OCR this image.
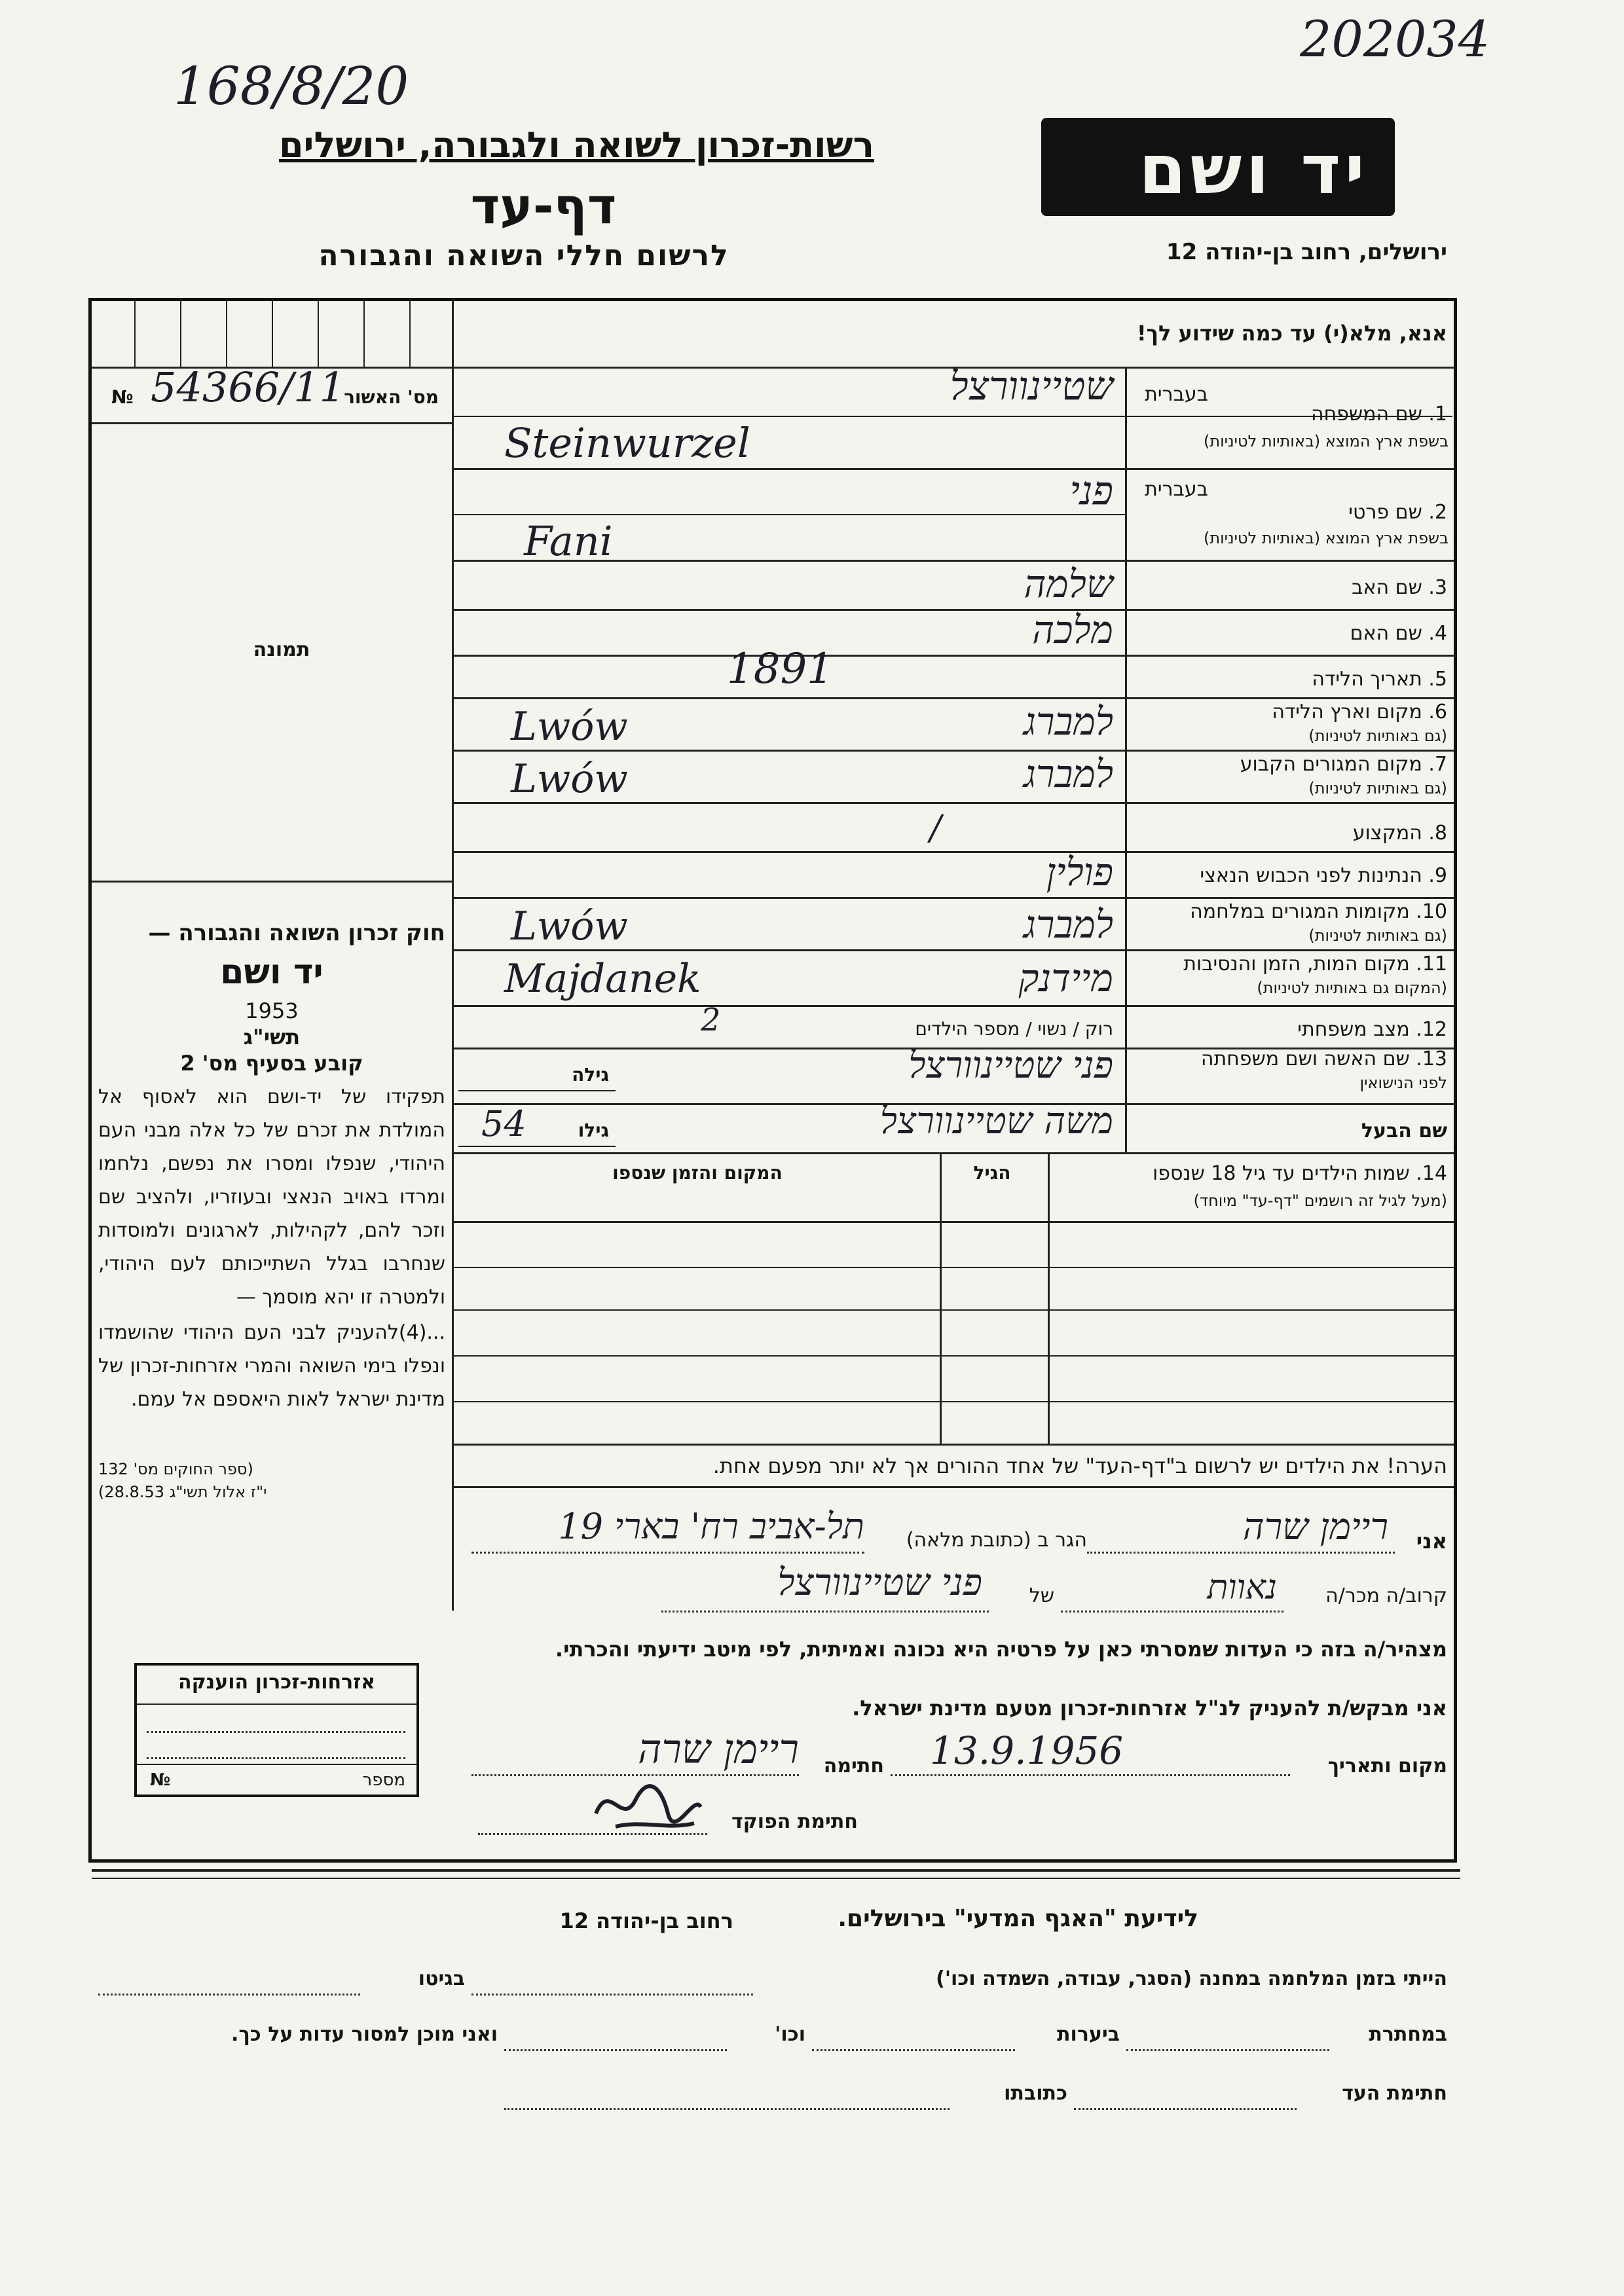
202034
168/8/20
רשות-זכרון לשואה ולגבורה, ירושלים
דף-עד
לרשום חללי השואה והגבורה
יד ושם
ירושלים, רחוב בן-יהודה 12
№ 54366/11
מס' האשור
תמונה
חוק זכרון השואה והגבורה —
יד ושם
1953
תשי"ג
קובע בסעיף מס' 2
תפקידו של יד-ושם הוא לאסוף אל המולדת את זכרם של כל אלה מבני העם היהודי, שנפלו ומסרו את נפשם, נלחמו ומרדו באויב הנאצי ובעוזריו, ולהציב שם וזכר להם, לקהילות, לארגונים ולמוסדות שנחרבו בגלל השתייכותם לעם היהודי, ולמטרה זו יהא מוסמך —
...(4)להעניק לבני העם היהודי שהושמדו ונפלו בימי השואה והמרי אזרחות-זכרון של מדינת ישראל לאות היאספם אל עמם.
(ספר החוקים מס' 132
י"ז אלול תשי"ג 28.8.53)
אנא, מלא(י) עד כמה שידוע לך!
בעברית
1. שם המשפחה
בשפת ארץ המוצא (באותיות לטיניות)
שטיינוורצל
Steinwurzel
בעברית
2. שם פרטי
בשפת ארץ המוצא (באותיות לטיניות)
פני
Fani
3. שם האב
שלמה
4. שם האם
מלכה
5. תאריך הלידה
1891
6. מקום וארץ הלידה
(גם באותיות לטיניות)
למברג
Lwów
7. מקום המגורים הקבוע
(גם באותיות לטיניות)
למברג
Lwów
8. המקצוע
/
9. הנתינות לפני הכבוש הנאצי
פולין
10. מקומות המגורים במלחמה
(גם באותיות לטיניות)
למברג
Lwów
11. מקום המות, הזמן והנסיבות
(המקום גם באותיות לטיניות)
מיידנק
Majdanek
12. מצב משפחתי
רוק / נשוי / מספר הילדים
2
13. שם האשה ושם משפחתה
לפני הנישואין
פני שטיינוורצל
גילה
שם הבעל
משה שטיינוורצל
גילו
54
14. שמות הילדים עד גיל 18 שנספו
(מעל לגיל זה רושמים "דף-עד" מיוחד)
הגיל
המקום והזמן שנספו
הערה! את הילדים יש לרשום ב"דף-העד" של אחד ההורים אך לא יותר מפעם אחת.
אני
ריימן שרה
הגר ב (כתובת מלאה)
תל-אביב רח' בארי 19
קרוב/ה מכר/ה
נאוות
של
פני שטיינוורצל
מצהיר/ה בזה כי העדות שמסרתי כאן על פרטיה היא נכונה ואמיתית, לפי מיטב ידיעתי והכרתי.
אני מבקש/ת להעניק לנ"ל אזרחות-זכרון מטעם מדינת ישראל.
מקום ותאריך
13.9.1956
חתימה
ריימן שרה
חתימת הפוקד
אזרחות-זכרון הוענקה
№	מספר
לידיעת "האגף המדעי" בירושלים.
רחוב בן-יהודה 12
הייתי בזמן המלחמה במחנה (הסגר, עבודה, השמדה וכו')
בגיטו
במחתרת
ביערות
וכו'
ואני מוכן למסור עדות על כך.
חתימת העד
כתובתו
